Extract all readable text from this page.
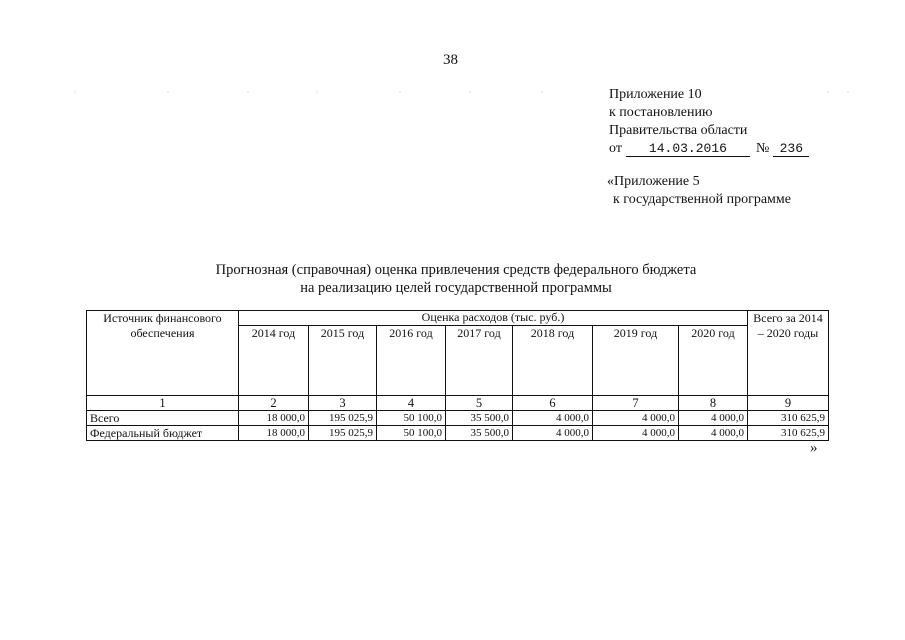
38
Приложение 10
к постановлению
Правительства области
от 14.03.2016 № 236
«Приложение 5
к государственной программе
Прогнозная (справочная) оценка привлечения средств федерального бюджета
на реализацию целей государственной программы
Источник финансового обеспечения	Оценка расходов (тыс. руб.)							Всего за 2014 – 2020 годы
	2014 год	2015 год	2016 год	2017 год	2018 год	2019 год	2020 год	
1	2	3	4	5	6	7	8	9
Всего	18 000,0	195 025,9	50 100,0	35 500,0	4 000,0	4 000,0	4 000,0	310 625,9
Федеральный бюджет	18 000,0	195 025,9	50 100,0	35 500,0	4 000,0	4 000,0	4 000,0	310 625,9
»
